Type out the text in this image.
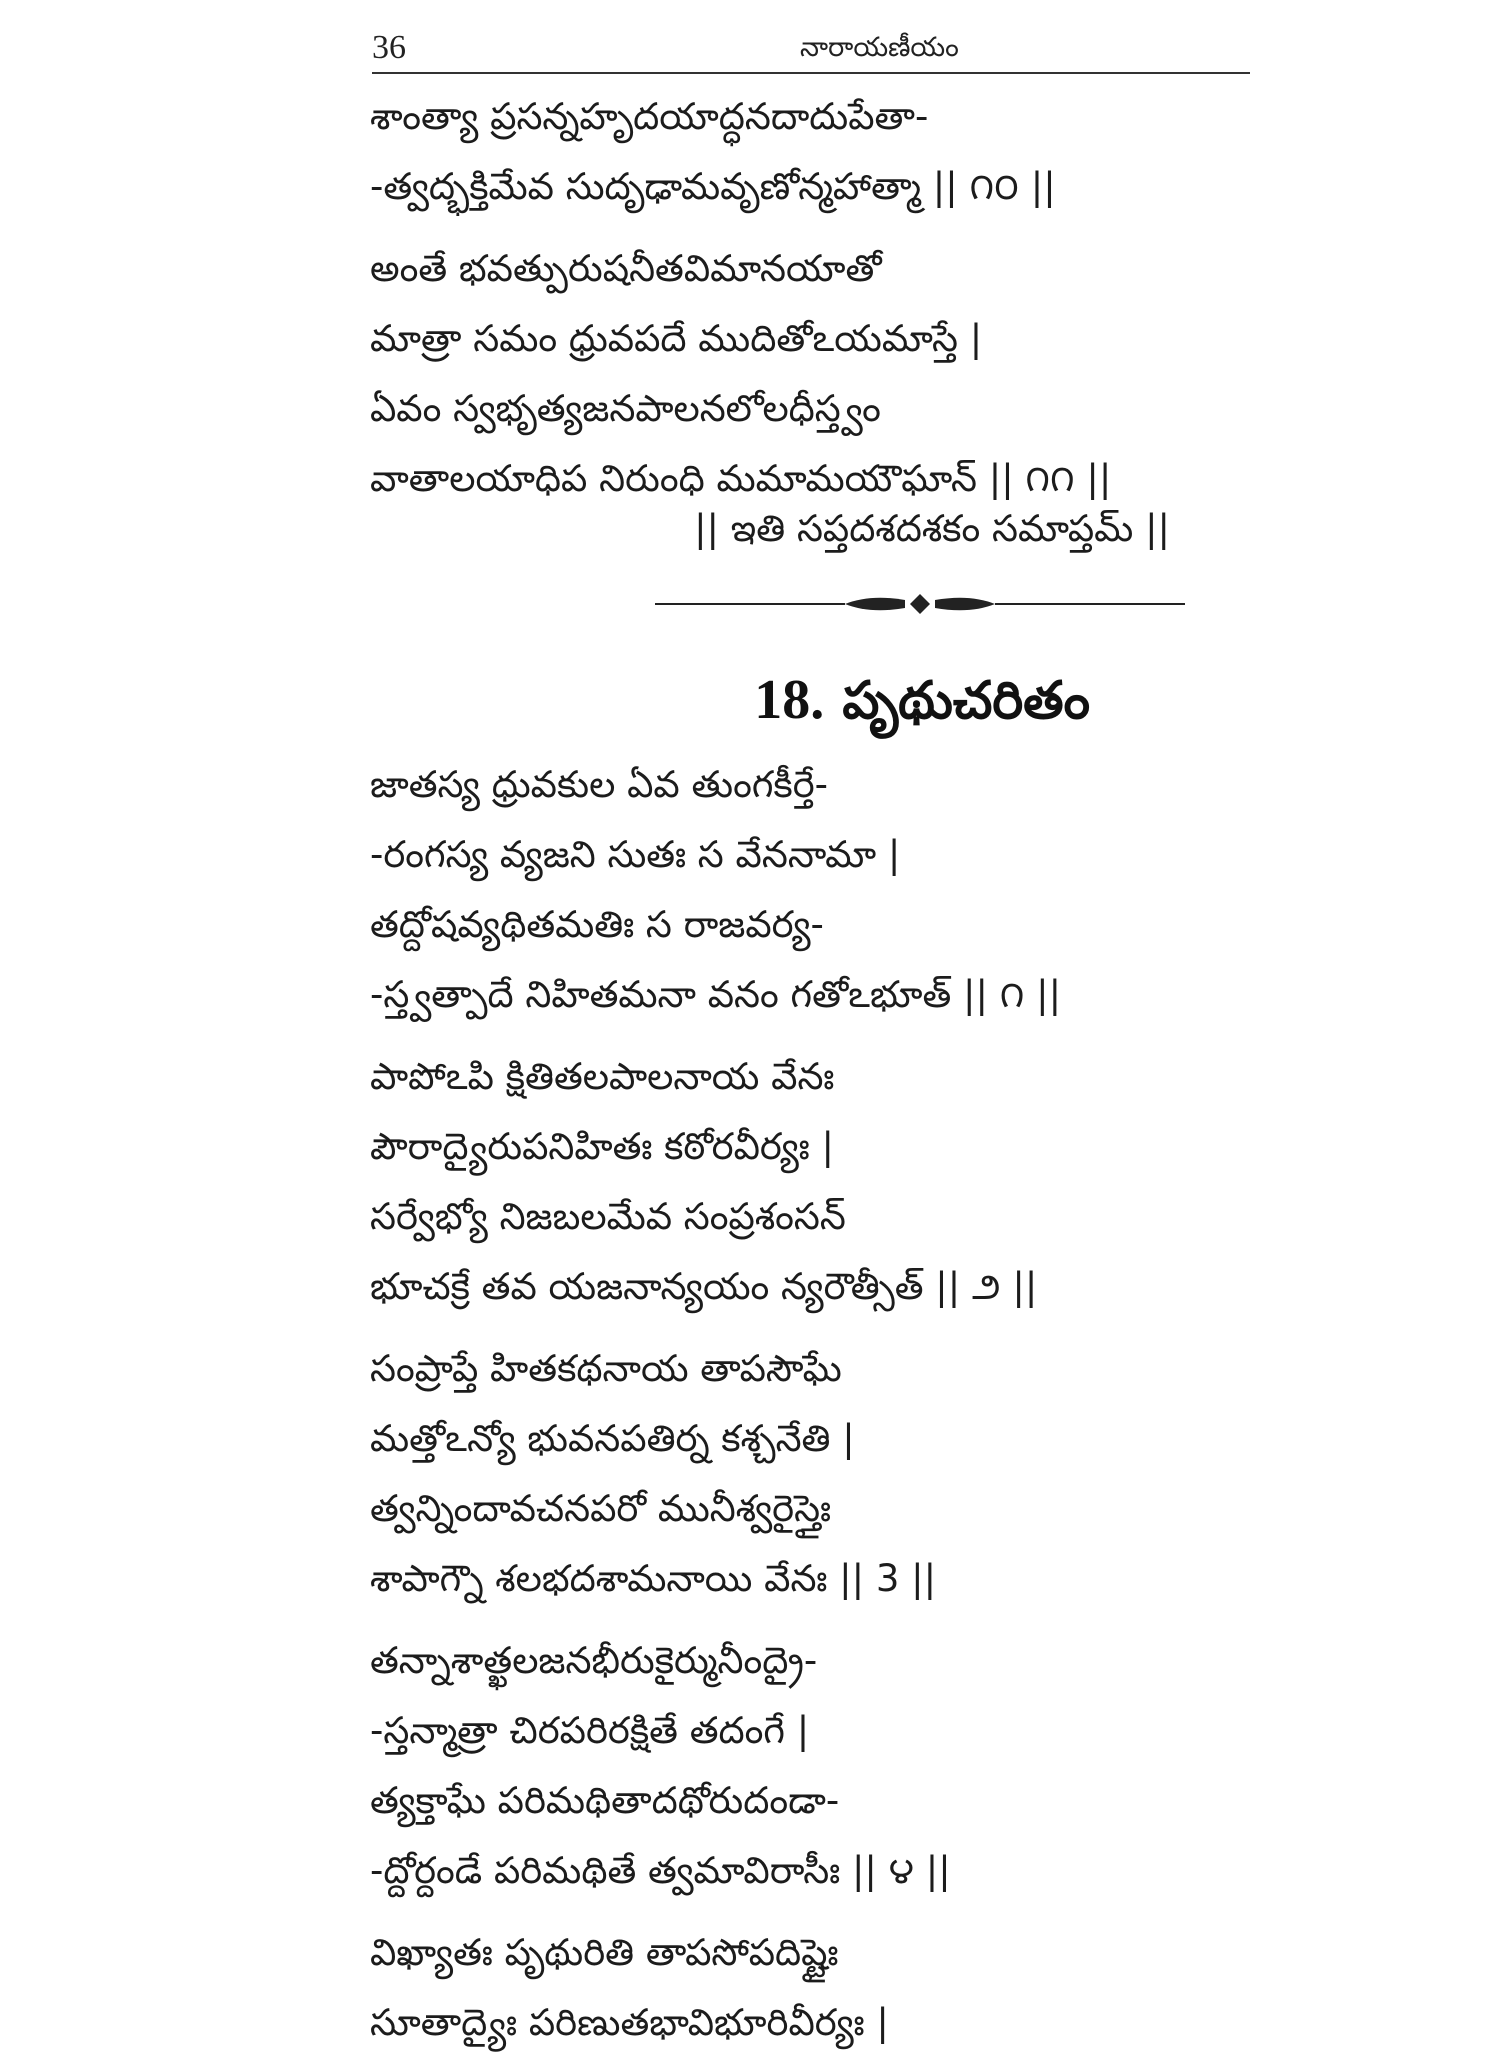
36	నారాయణీయం
శాంత్యా ప్రసన్నహృదయాద్ధనదాదుపేతా-
-త్వద్భక్తిమేవ సుదృఢామవృణోన్మహాత్మా || ౧౦ ||
అంతే భవత్పురుషనీతవిమానయాతో
మాత్రా సమం ధ్రువపదే ముదితోఽయమాస్తే |
ఏవం స్వభృత్యజనపాలనలోలధీస్త్వం
వాతాలయాధిప నిరుంధి మమామయౌఘాన్ || ౧౧ ||
|| ఇతి సప్తదశదశకం సమాప్తమ్ ||
18. పృథుచరితం
జాతస్య ధ్రువకుల ఏవ తుంగకీర్తే-
-రంగస్య వ్యజని సుతః స వేననామా |
తద్దోషవ్యథితమతిః స రాజవర్య-
-స్త్వత్పాదే నిహితమనా వనం గతోఽభూత్ || ౧ ||
పాపోఽపి క్షితితలపాలనాయ వేనః
పౌరాద్యైరుపనిహితః కఠోరవీర్యః |
సర్వేభ్యో నిజబలమేవ సంప్రశంసన్
భూచక్రే తవ యజనాన్యయం న్యరౌత్సీత్ || ౨ ||
సంప్రాప్తే హితకథనాయ తాపసౌఘే
మత్తోఽన్యో భువనపతిర్న కశ్చనేతి |
త్వన్నిందావచనపరో మునీశ్వరైస్తైః
శాపాగ్నౌ శలభదశామనాయి వేనః || 3 ||
తన్నాశాత్ఖలజనభీరుకైర్మునీంద్రై-
-స్తన్మాత్రా చిరపరిరక్షితే తదంగే |
త్యక్తాఘే పరిమథితాదథోరుదండా-
-ద్దోర్దండే పరిమథితే త్వమావిరాసీః || ౪ ||
విఖ్యాతః పృథురితి తాపసోపదిష్టైః
సూతాద్యైః పరిణుతభావిభూరివీర్యః |
